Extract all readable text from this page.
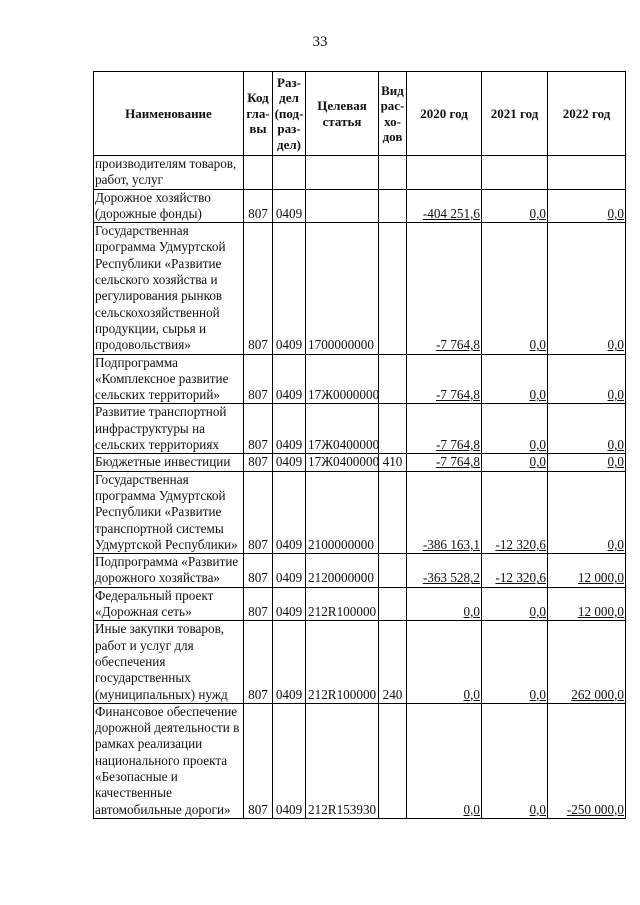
33
Наименование	Код гла-вы	Раз-дел (под-раз-дел)	Целевая статья	Вид рас-хо-дов	2020 год	2021 год	2022 год
производителям товаров, работ, услуг							
Дорожное хозяйство (дорожные фонды)	807	0409			-404 251,6	0,0	0,0
Государственная программа Удмуртской Республики «Развитие сельского хозяйства и регулирования рынков сельскохозяйственной продукции, сырья и продовольствия»	807	0409	1700000000		-7 764,8	0,0	0,0
Подпрограмма «Комплексное развитие сельских территорий»	807	0409	17Ж0000000		-7 764,8	0,0	0,0
Развитие транспортной инфраструктуры на сельских территориях	807	0409	17Ж0400000		-7 764,8	0,0	0,0
Бюджетные инвестиции	807	0409	17Ж0400000	410	-7 764,8	0,0	0,0
Государственная программа Удмуртской Республики «Развитие транспортной системы Удмуртской Республики»	807	0409	2100000000		-386 163,1	-12 320,6	0,0
Подпрограмма «Развитие дорожного хозяйства»	807	0409	2120000000		-363 528,2	-12 320,6	12 000,0
Федеральный проект «Дорожная сеть»	807	0409	212R100000		0,0	0,0	12 000,0
Иные закупки товаров, работ и услуг для обеспечения государственных (муниципальных) нужд	807	0409	212R100000	240	0,0	0,0	262 000,0
Финансовое обеспечение дорожной деятельности в рамках реализации национального проекта «Безопасные и качественные автомобильные дороги»	807	0409	212R153930		0,0	0,0	-250 000,0
